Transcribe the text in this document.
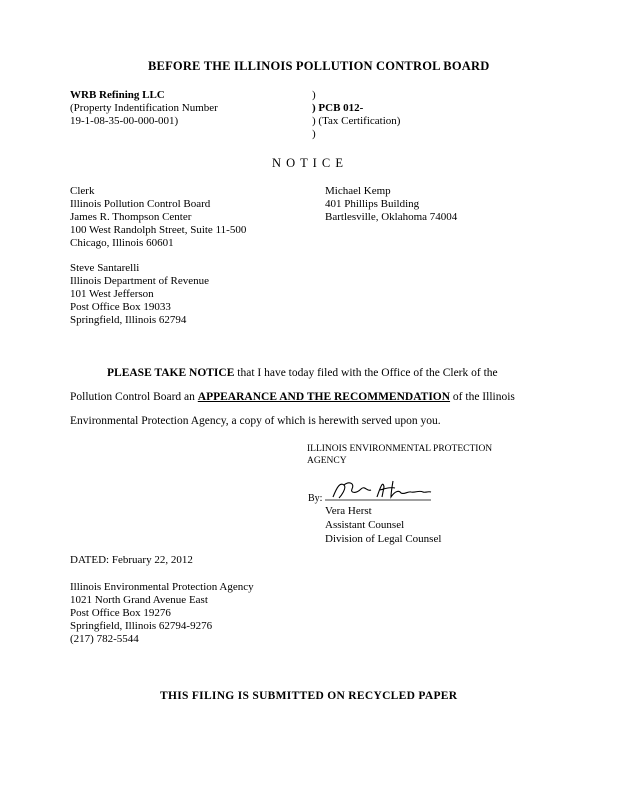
BEFORE THE ILLINOIS POLLUTION CONTROL BOARD
WRB Refining LLC
(Property Indentification Number
19-1-08-35-00-000-001)
)
) PCB 012-
) (Tax Certification)
)
N O T I C E
Clerk
Illinois Pollution Control Board
James R. Thompson Center
100 West Randolph Street, Suite 11-500
Chicago, Illinois 60601
Michael Kemp
401 Phillips Building
Bartlesville, Oklahoma 74004
Steve Santarelli
Illinois Department of Revenue
101 West Jefferson
Post Office Box 19033
Springfield, Illinois 62794
PLEASE TAKE NOTICE that I have today filed with the Office of the Clerk of the
Pollution Control Board an APPEARANCE AND THE RECOMMENDATION of the Illinois
Environmental Protection Agency, a copy of which is herewith served upon you.
ILLINOIS ENVIRONMENTAL PROTECTION
AGENCY
By:
Vera Herst
Assistant Counsel
Division of Legal Counsel
DATED: February 22, 2012
Illinois Environmental Protection Agency
1021 North Grand Avenue East
Post Office Box 19276
Springfield, Illinois 62794-9276
(217) 782-5544
THIS FILING IS SUBMITTED ON RECYCLED PAPER
